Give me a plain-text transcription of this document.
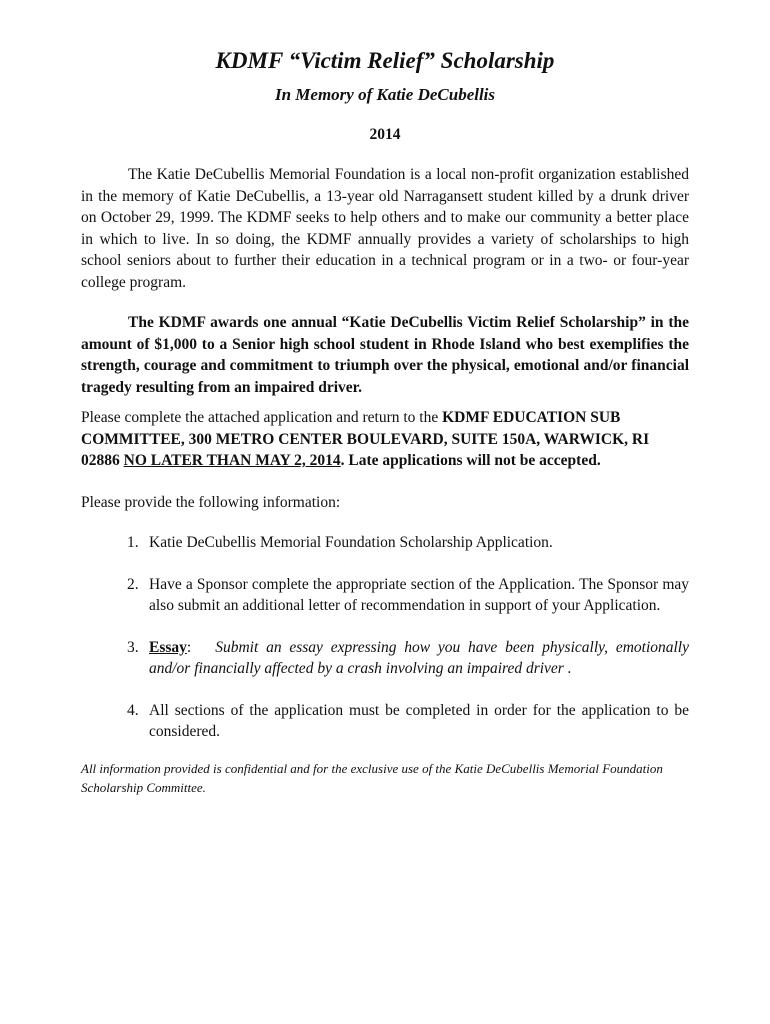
KDMF “Victim Relief” Scholarship
In Memory of Katie DeCubellis
2014

The Katie DeCubellis Memorial Foundation is a local non-profit organization established in the memory of Katie DeCubellis, a 13-year old Narragansett student killed by a drunk driver on October 29, 1999. The KDMF seeks to help others and to make our community a better place in which to live. In so doing, the KDMF annually provides a variety of scholarships to high school seniors about to further their education in a technical program or in a two- or four-year college program.

The KDMF awards one annual “Katie DeCubellis Victim Relief Scholarship” in the amount of $1,000 to a Senior high school student in Rhode Island who best exemplifies the strength, courage and commitment to triumph over the physical, emotional and/or financial tragedy resulting from an impaired driver.

Please complete the attached application and return to the KDMF EDUCATION SUB COMMITTEE, 300 METRO CENTER BOULEVARD, SUITE 150A, WARWICK, RI 02886 NO LATER THAN MAY 2, 2014. Late applications will not be accepted.

Please provide the following information:

1. Katie DeCubellis Memorial Foundation Scholarship Application.
2. Have a Sponsor complete the appropriate section of the Application. The Sponsor may also submit an additional letter of recommendation in support of your Application.
3. Essay: Submit an essay expressing how you have been physically, emotionally and/or financially affected by a crash involving an impaired driver .
4. All sections of the application must be completed in order for the application to be considered.

All information provided is confidential and for the exclusive use of the Katie DeCubellis Memorial Foundation Scholarship Committee.
